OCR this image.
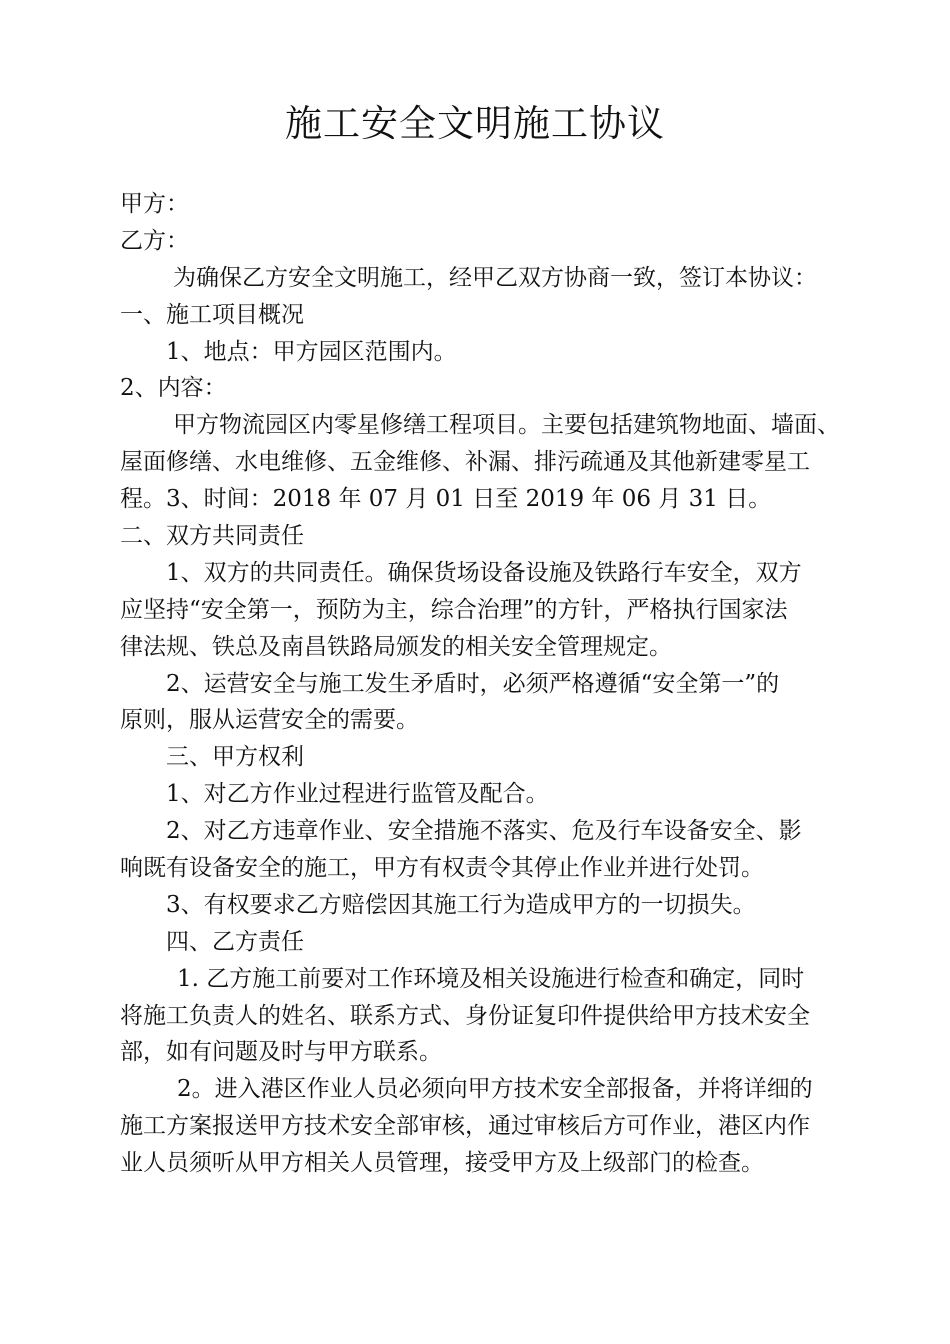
施工安全文明施工协议
甲方：
乙方：
为确保乙方安全文明施工，经甲乙双方协商一致，签订本协议：
一、施工项目概况
1、地点：甲方园区范围内。
2、内容：
甲方物流园区内零星修缮工程项目。主要包括建筑物地面、墙面、
屋面修缮、水电维修、五金维修、补漏、排污疏通及其他新建零星工
程。3、时间：2018 年 07 月 01 日至 2019 年 06 月 31 日。
二、双方共同责任
1、双方的共同责任。确保货场设备设施及铁路行车安全，双方
应坚持“安全第一，预防为主，综合治理”的方针，严格执行国家法
律法规、铁总及南昌铁路局颁发的相关安全管理规定。
2、运营安全与施工发生矛盾时，必须严格遵循“安全第一”的
原则，服从运营安全的需要。
三、甲方权利
1、对乙方作业过程进行监管及配合。
2、对乙方违章作业、安全措施不落实、危及行车设备安全、影
响既有设备安全的施工，甲方有权责令其停止作业并进行处罚。
3、有权要求乙方赔偿因其施工行为造成甲方的一切损失。
四、乙方责任
1. 乙方施工前要对工作环境及相关设施进行检查和确定，同时
将施工负责人的姓名、联系方式、身份证复印件提供给甲方技术安全
部，如有问题及时与甲方联系。
2。进入港区作业人员必须向甲方技术安全部报备，并将详细的
施工方案报送甲方技术安全部审核，通过审核后方可作业，港区内作
业人员须听从甲方相关人员管理，接受甲方及上级部门的检查。
